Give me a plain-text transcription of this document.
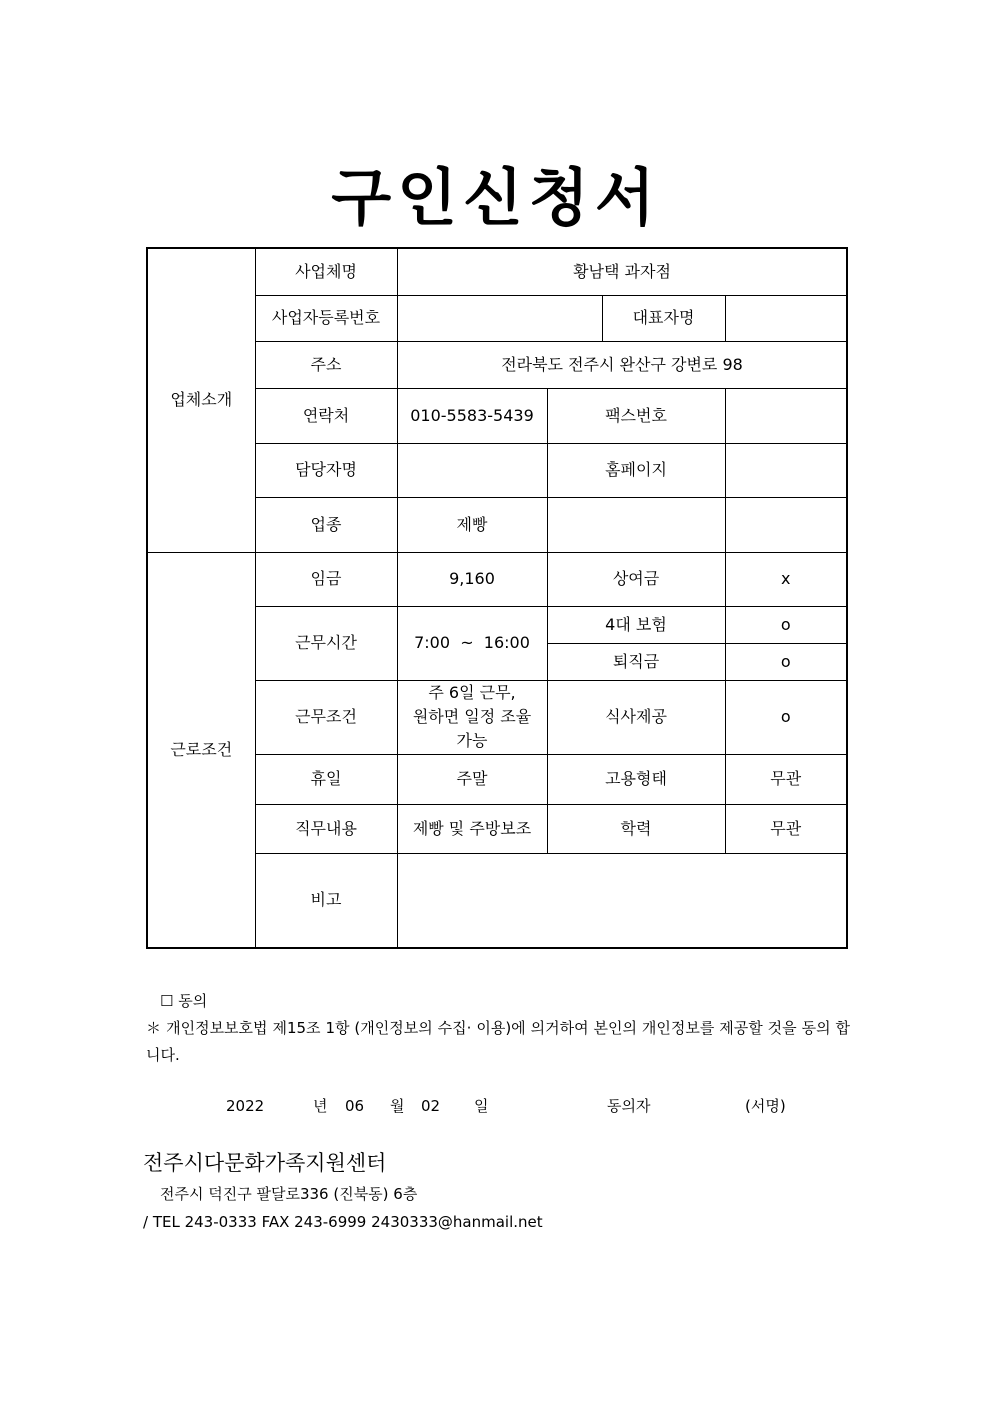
구인신청서
업체소개	사업체명	황남택 과자점			
	사업자등록번호			대표자명	
	주소	전라북도 전주시 완산구 강변로 98			
	연락처	010-5583-5439	팩스번호		
	담당자명		홈페이지		
	업종	제빵			
근로조건	임금	9,160	상여금		x
	근무시간	7:00  ~  16:00	4대 보험		o
			퇴직금		o
	근무조건	주 6일 근무, 원하면 일정 조율 가능	식사제공		o
	휴일	주말	고용형태		무관
	직무내용	제빵 및 주방보조	학력		무관
	비고				
☐ 동의
＊ 개인정보보호법 제15조 1항 (개인정보의 수집· 이용)에 의거하여 본인의 개인정보를 제공할 것을 동의 합니다.
2022	년 06 월 02 일	동의자	(서명)
전주시다문화가족지원센터
전주시 덕진구 팔달로336 (진북동) 6층
/ TEL 243-0333 FAX 243-6999 2430333@hanmail.net
